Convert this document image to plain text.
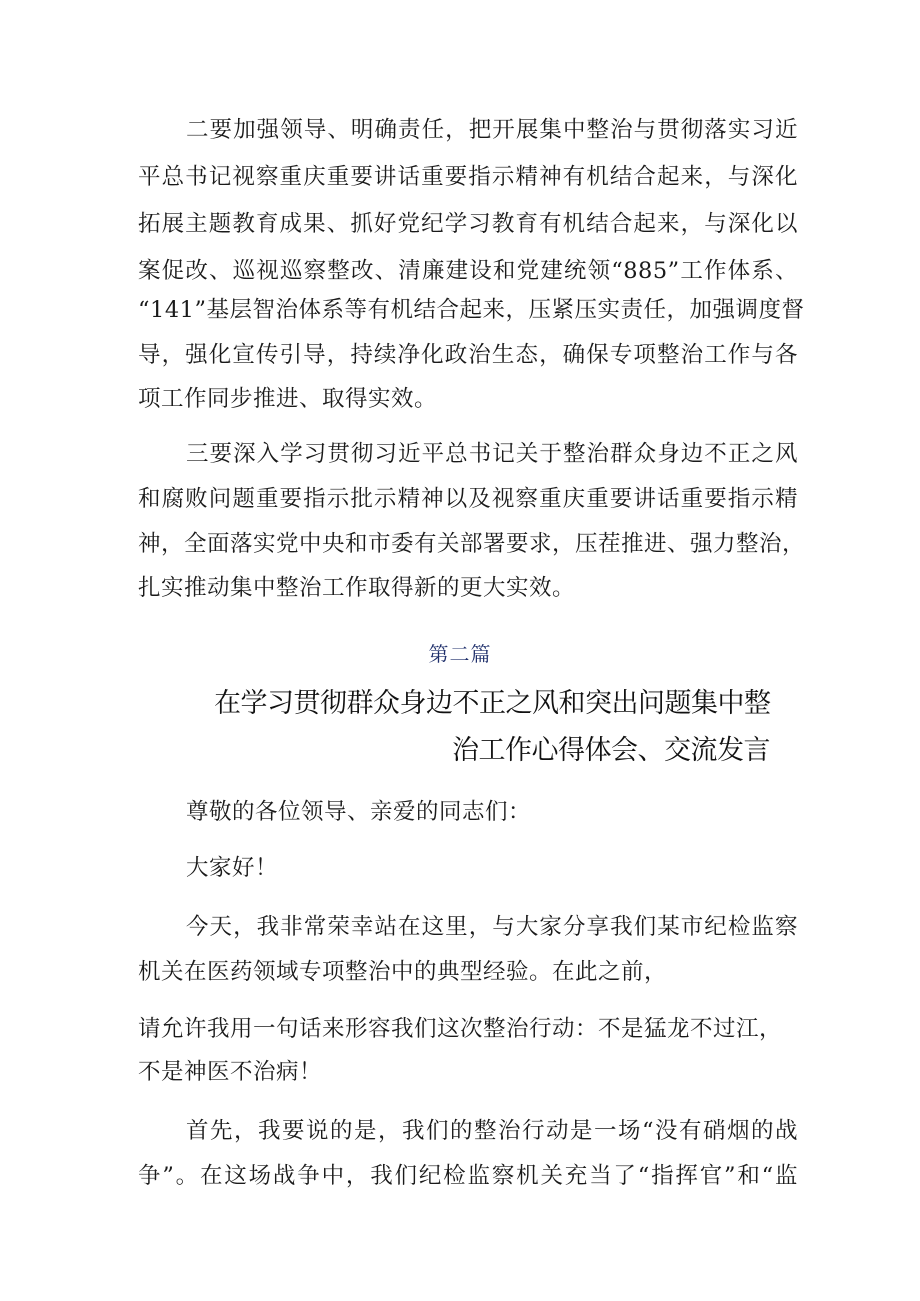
二要加强领导、明确责任，把开展集中整治与贯彻落实习近
平总书记视察重庆重要讲话重要指示精神有机结合起来，与深化
拓展主题教育成果、抓好党纪学习教育有机结合起来，与深化以
案促改、巡视巡察整改、清廉建设和党建统领“885”工作体系、
“141”基层智治体系等有机结合起来，压紧压实责任，加强调度督
导，强化宣传引导，持续净化政治生态，确保专项整治工作与各
项工作同步推进、取得实效。
三要深入学习贯彻习近平总书记关于整治群众身边不正之风
和腐败问题重要指示批示精神以及视察重庆重要讲话重要指示精
神，全面落实党中央和市委有关部署要求，压茬推进、强力整治，
扎实推动集中整治工作取得新的更大实效。
第二篇
在学习贯彻群众身边不正之风和突出问题集中整
治工作心得体会、交流发言
尊敬的各位领导、亲爱的同志们：
大家好！
今天，我非常荣幸站在这里，与大家分享我们某市纪检监察
机关在医药领域专项整治中的典型经验。在此之前，
请允许我用一句话来形容我们这次整治行动：不是猛龙不过江，
不是神医不治病！
首先，我要说的是，我们的整治行动是一场“没有硝烟的战
争”。在这场战争中，我们纪检监察机关充当了“指挥官”和“监
